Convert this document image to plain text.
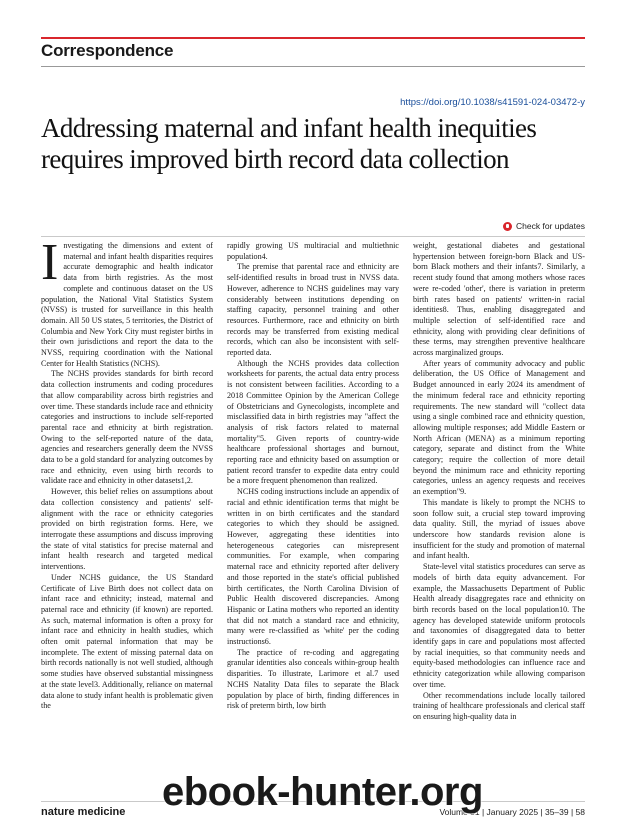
Correspondence
https://doi.org/10.1038/s41591-024-03472-y
Addressing maternal and infant health inequities requires improved birth record data collection
Check for updates

Investigating the dimensions and extent of maternal and infant health disparities requires accurate demographic and health indicator data from birth registries. As the most complete and continuous dataset on the US population, the National Vital Statistics System (NVSS) is trusted for surveillance in this health domain. All 50 US states, 5 territories, the District of Columbia and New York City must register births in their own jurisdictions and report the data to the NVSS, requiring coordination with the National Center for Health Statistics (NCHS).

The NCHS provides standards for birth record data collection instruments and coding procedures that allow comparability across birth registries and over time. These standards include race and ethnicity categories and instructions to include self-reported parental race and ethnicity at birth registration. Owing to the self-reported nature of the data, agencies and researchers generally deem the NVSS data to be a gold standard for analyzing outcomes by race and ethnicity, even using birth records to validate race and ethnicity in other datasets1,2.

However, this belief relies on assumptions about data collection consistency and patients' self-alignment with the race or ethnicity categories provided on birth registration forms. Here, we interrogate these assumptions and discuss improving the state of vital statistics for precise maternal and infant health research and targeted medical interventions.

Under NCHS guidance, the US Standard Certificate of Live Birth does not collect data on infant race and ethnicity; instead, maternal and paternal race and ethnicity (if known) are reported. As such, maternal information is often a proxy for infant race and ethnicity in health studies, which often omit paternal information that may be incomplete. The extent of missing paternal data on birth records nationally is not well studied, although some studies have observed substantial missingness at the state level3. Additionally, reliance on maternal data alone to study infant health is problematic given the

rapidly growing US multiracial and multiethnic population4.

The premise that parental race and ethnicity are self-identified results in broad trust in NVSS data. However, adherence to NCHS guidelines may vary considerably between institutions depending on staffing capacity, personnel training and other resources. Furthermore, race and ethnicity on birth records may be transferred from existing medical records, which can also be inconsistent with self-reported data.

Although the NCHS provides data collection worksheets for parents, the actual data entry process is not consistent between facilities. According to a 2018 Committee Opinion by the American College of Obstetricians and Gynecologists, incomplete and misclassified data in birth registries may "affect the analysis of risk factors related to maternal mortality"5. Given reports of country-wide healthcare professional shortages and burnout, reporting race and ethnicity based on assumption or patient record transfer to expedite data entry could be a more frequent phenomenon than realized.

NCHS coding instructions include an appendix of racial and ethnic identification terms that might be written in on birth certificates and the standard categories to which they should be assigned. However, aggregating these identities into heterogeneous categories can misrepresent communities. For example, when comparing maternal race and ethnicity reported after delivery and those reported in the state's official published birth certificates, the North Carolina Division of Public Health discovered discrepancies. Among Hispanic or Latina mothers who reported an identity that did not match a standard race and ethnicity, many were re-classified as 'white' per the coding instructions6.

The practice of re-coding and aggregating granular identities also conceals within-group health disparities. To illustrate, Larimore et al.7 used NCHS Natality Data files to separate the Black population by place of birth, finding differences in risk of preterm birth, low birth

weight, gestational diabetes and gestational hypertension between foreign-born Black and US-born Black mothers and their infants7. Similarly, a recent study found that among mothers whose races were re-coded 'other', there is variation in preterm birth rates based on patients' written-in racial identities8. Thus, enabling disaggregated and multiple selection of self-identified race and ethnicity, along with providing clear definitions of these terms, may strengthen preventive healthcare across marginalized groups.

After years of community advocacy and public deliberation, the US Office of Management and Budget announced in early 2024 its amendment of the minimum federal race and ethnicity reporting requirements. The new standard will "collect data using a single combined race and ethnicity question, allowing multiple responses; add Middle Eastern or North African (MENA) as a minimum reporting category, separate and distinct from the White category; require the collection of more detail beyond the minimum race and ethnicity reporting categories, unless an agency requests and receives an exemption"9.

This mandate is likely to prompt the NCHS to soon follow suit, a crucial step toward improving data quality. Still, the myriad of issues above underscore how standards revision alone is insufficient for the study and promotion of maternal and infant health.

State-level vital statistics procedures can serve as models of birth data equity advancement. For example, the Massachusetts Department of Public Health already disaggregates race and ethnicity on birth records based on the local population10. The agency has developed statewide uniform protocols and taxonomies of disaggregated data to better identify gaps in care and populations most affected by racial inequities, so that community needs and equity-based methodologies can influence race and ethnicity categorization while allowing comparison over time.

Other recommendations include locally tailored training of healthcare professionals and clerical staff on ensuring high-quality data in

nature medicine	Volume 31 | January 2025 | 35–39 | 58
ebook-hunter.org
